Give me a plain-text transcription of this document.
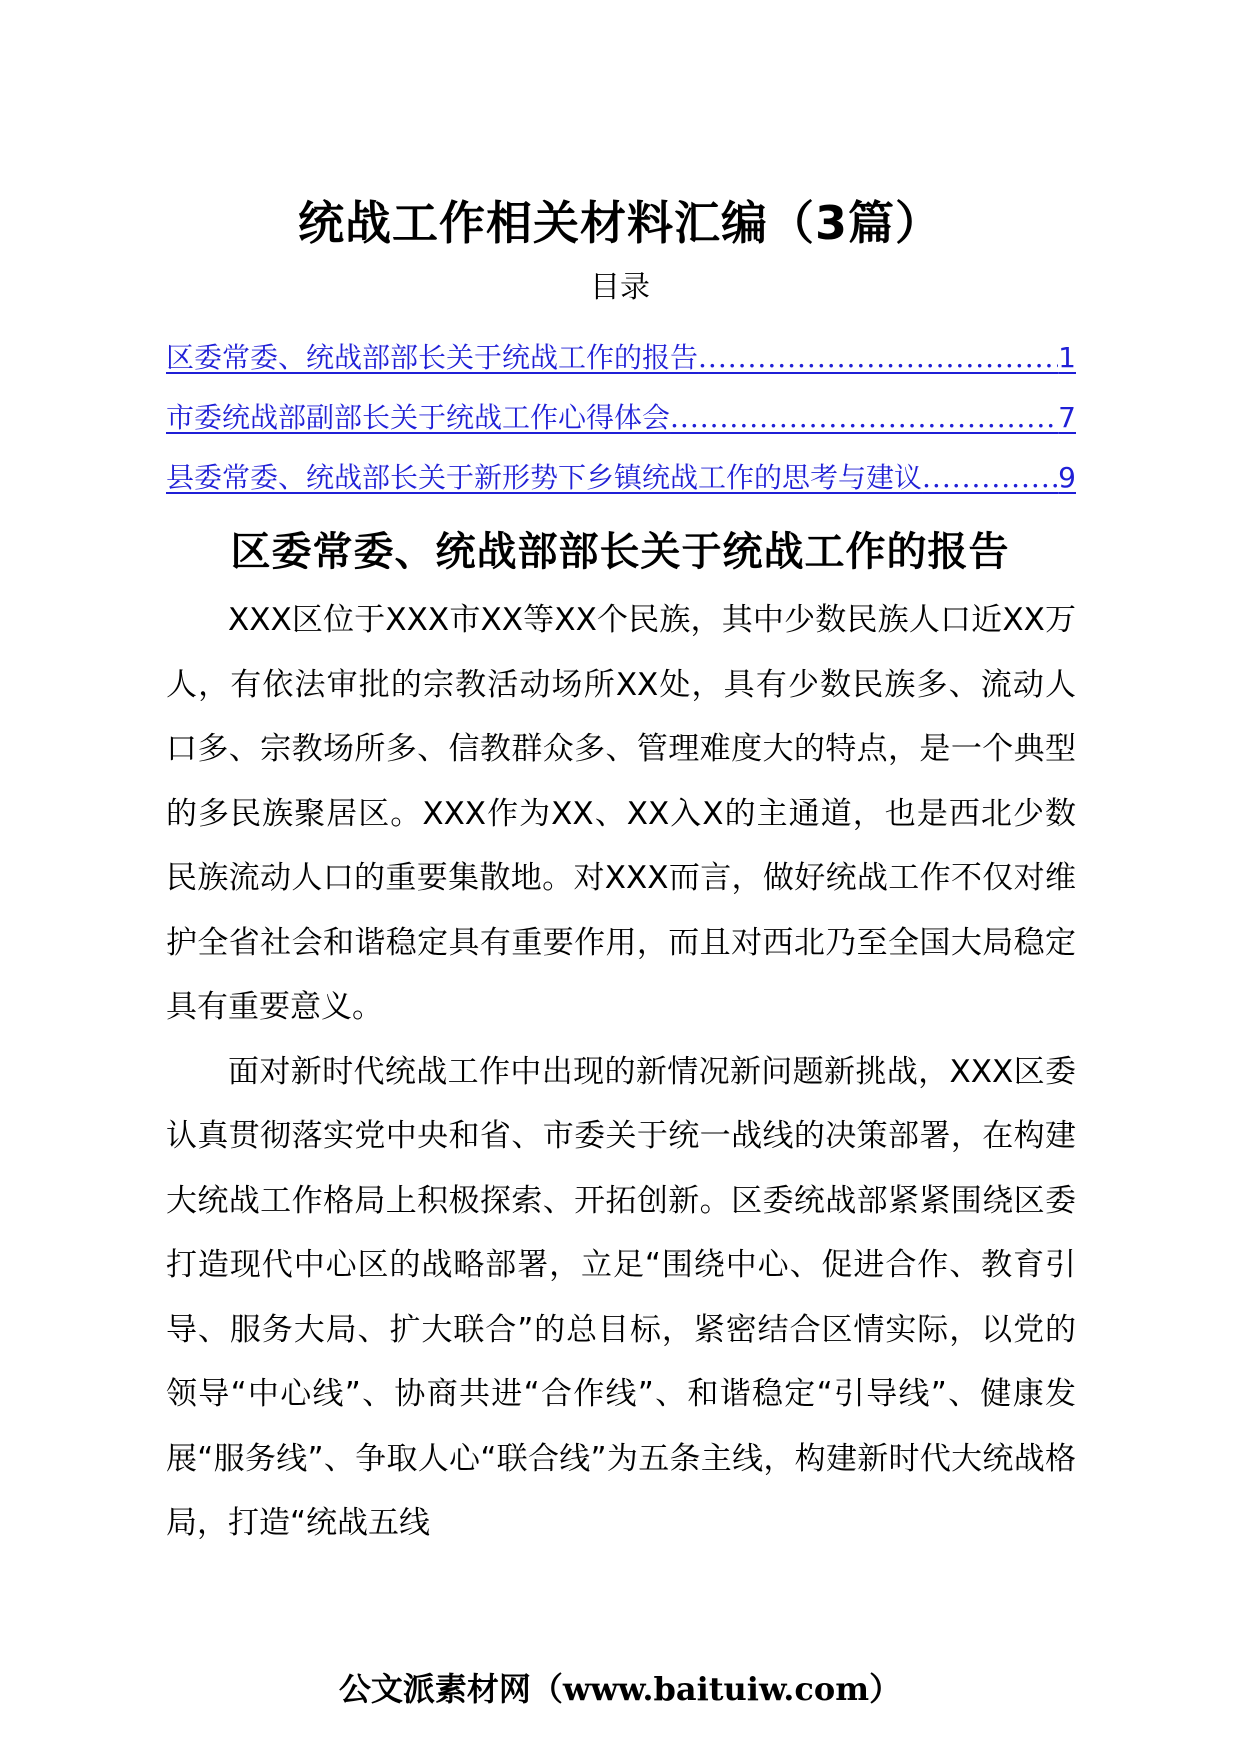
统战工作相关材料汇编（3篇）
目录
区委常委、统战部部长关于统战工作的报告 .....	1
市委统战部副部长关于统战工作心得体会 .....	7
县委常委、统战部长关于新形势下乡镇统战工作的思考与建议 .....	9
区委常委、统战部部长关于统战工作的报告

XXX区位于XXX市XX等XX个民族，其中少数民族人口近XX万人，有依法审批的宗教活动场所XX处，具有少数民族多、流动人口多、宗教场所多、信教群众多、管理难度大的特点，是一个典型的多民族聚居区。XXX作为XX、XX入X的主通道，也是西北少数民族流动人口的重要集散地。对XXX而言，做好统战工作不仅对维护全省社会和谐稳定具有重要作用，而且对西北乃至全国大局稳定具有重要意义。

面对新时代统战工作中出现的新情况新问题新挑战，XXX区委认真贯彻落实党中央和省、市委关于统一战线的决策部署，在构建大统战工作格局上积极探索、开拓创新。区委统战部紧紧围绕区委打造现代中心区的战略部署，立足“围绕中心、促进合作、教育引导、服务大局、扩大联合”的总目标，紧密结合区情实际，以党的领导“中心线”、协商共进“合作线”、和谐稳定“引导线”、健康发展“服务线”、争取人心“联合线”为五条主线，构建新时代大统战格局，打造“统战五线

公文派素材网（www.baituiw.com）
